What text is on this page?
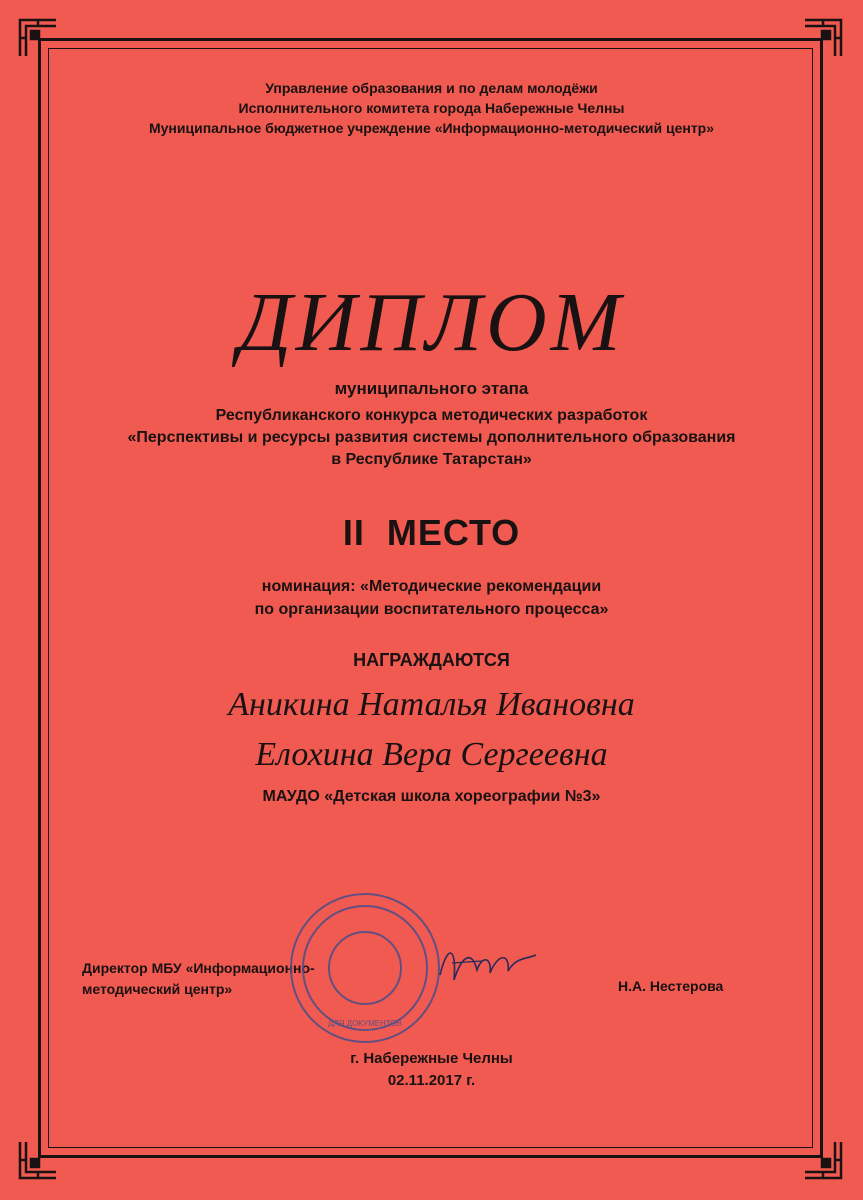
Управление образования и по делам молодёжи
Исполнительного комитета города Набережные Челны
Муниципальное бюджетное учреждение «Информационно-методический центр»
ДИПЛОМ
муниципального этапа
Республиканского конкурса методических разработок
«Перспективы и ресурсы развития системы дополнительного образования
в Республике Татарстан»
II  МЕСТО
номинация: «Методические рекомендации
по организации воспитательного процесса»
НАГРАЖДАЮТСЯ
Аникина Наталья Ивановна
Елохина Вера Сергеевна
МАУДО «Детская школа хореографии №3»
Директор МБУ «Информационно-
методический центр»
ДЛЯ ДОКУМЕНТОВ
Н.А. Нестерова
г. Набережные Челны
02.11.2017 г.
